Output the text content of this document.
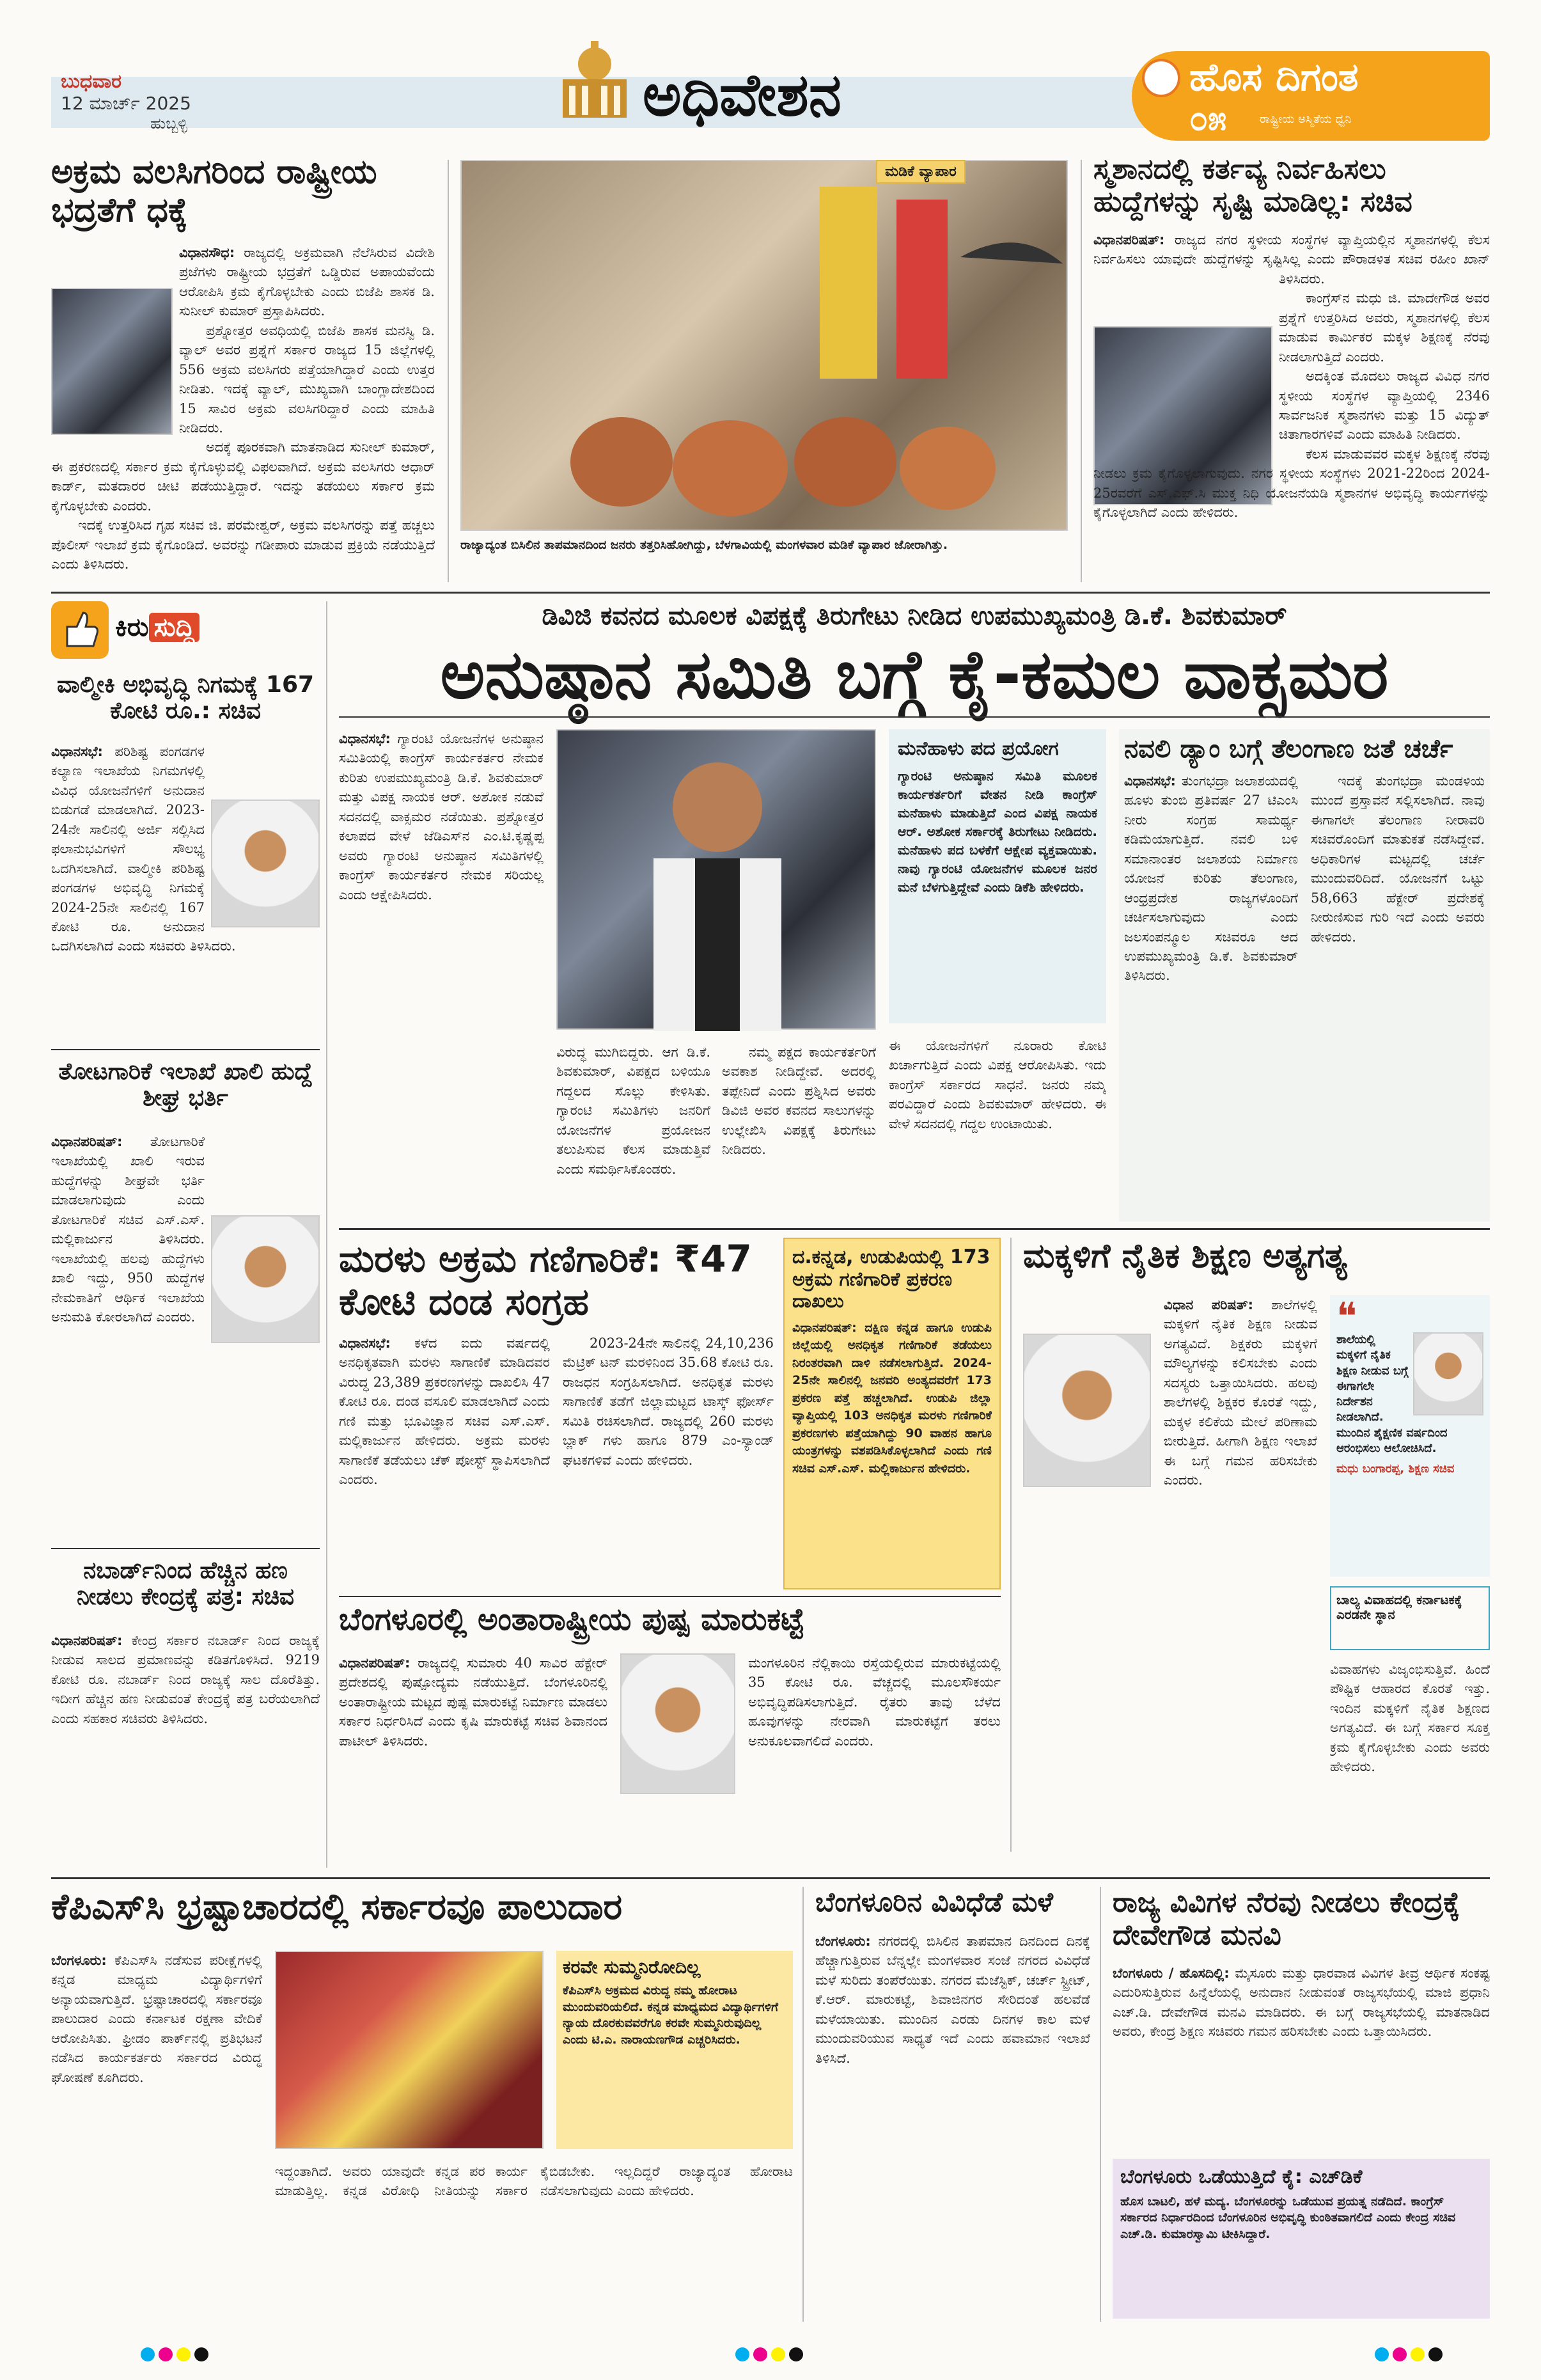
ಬುಧವಾರ
12 ಮಾರ್ಚ್ 2025
ಹುಬ್ಬಳ್ಳಿ	ಅಧಿವೇಶನ	ಹೊಸ ದಿಗಂತ
೦೫	ರಾಷ್ಟ್ರೀಯ ಅಸ್ಮಿತೆಯ ಧ್ವನಿ
ಅಕ್ರಮ ವಲಸಿಗರಿಂದ ರಾಷ್ಟ್ರೀಯ ಭದ್ರತೆಗೆ ಧಕ್ಕೆ
ವಿಧಾನಸೌಧ: ರಾಜ್ಯದಲ್ಲಿ ಅಕ್ರಮವಾಗಿ ನೆಲೆಸಿರುವ ವಿದೇಶಿ ಪ್ರಜೆಗಳು ರಾಷ್ಟ್ರೀಯ ಭದ್ರತೆಗೆ ಒಡ್ಡಿರುವ ಅಪಾಯವೆಂದು ಆರೋಪಿಸಿ ಕ್ರಮ ಕೈಗೊಳ್ಳಬೇಕು ಎಂದು ಬಿಜೆಪಿ ಶಾಸಕ ಡಿ. ಸುನೀಲ್ ಕುಮಾರ್ ಪ್ರಸ್ತಾಪಿಸಿದರು.

ಪ್ರಶ್ನೋತ್ತರ ಅವಧಿಯಲ್ಲಿ ಬಿಜೆಪಿ ಶಾಸಕ ಮನಸ್ವಿ ಡಿ. ವ್ಯಾಲ್ ಅವರ ಪ್ರಶ್ನೆಗೆ ಸರ್ಕಾರ ರಾಜ್ಯದ 15 ಜಿಲ್ಲೆಗಳಲ್ಲಿ 556 ಅಕ್ರಮ ವಲಸಿಗರು ಪತ್ತೆಯಾಗಿದ್ದಾರೆ ಎಂದು ಉತ್ತರ ನೀಡಿತು. ಇದಕ್ಕೆ ವ್ಯಾಲ್, ಮುಖ್ಯವಾಗಿ ಬಾಂಗ್ಲಾದೇಶದಿಂದ 15 ಸಾವಿರ ಅಕ್ರಮ ವಲಸಿಗರಿದ್ದಾರೆ ಎಂದು ಮಾಹಿತಿ ನೀಡಿದರು.

ಅದಕ್ಕೆ ಪೂರಕವಾಗಿ ಮಾತನಾಡಿದ ಸುನೀಲ್ ಕುಮಾರ್, ಈ ಪ್ರಕರಣದಲ್ಲಿ ಸರ್ಕಾರ ಕ್ರಮ ಕೈಗೊಳ್ಳುವಲ್ಲಿ ವಿಫಲವಾಗಿದೆ. ಅಕ್ರಮ ವಲಸಿಗರು ಆಧಾರ್ ಕಾರ್ಡ್, ಮತದಾರರ ಚೀಟಿ ಪಡೆಯುತ್ತಿದ್ದಾರೆ. ಇದನ್ನು ತಡೆಯಲು ಸರ್ಕಾರ ಕ್ರಮ ಕೈಗೊಳ್ಳಬೇಕು ಎಂದರು.

ಇದಕ್ಕೆ ಉತ್ತರಿಸಿದ ಗೃಹ ಸಚಿವ ಜಿ. ಪರಮೇಶ್ವರ್, ಅಕ್ರಮ ವಲಸಿಗರನ್ನು ಪತ್ತೆ ಹಚ್ಚಲು ಪೊಲೀಸ್ ಇಲಾಖೆ ಕ್ರಮ ಕೈಗೊಂಡಿದೆ. ಅವರನ್ನು ಗಡೀಪಾರು ಮಾಡುವ ಪ್ರಕ್ರಿಯೆ ನಡೆಯುತ್ತಿದೆ ಎಂದು ತಿಳಿಸಿದರು.

ಮಡಿಕೆ ವ್ಯಾಪಾರ
ರಾಜ್ಯಾದ್ಯಂತ ಬಿಸಿಲಿನ ತಾಪಮಾನದಿಂದ ಜನರು ತತ್ತರಿಸಿಹೋಗಿದ್ದು, ಬೆಳಗಾವಿಯಲ್ಲಿ ಮಂಗಳವಾರ ಮಡಿಕೆ ವ್ಯಾಪಾರ ಜೋರಾಗಿತ್ತು.
ಸ್ಮಶಾನದಲ್ಲಿ ಕರ್ತವ್ಯ ನಿರ್ವಹಿಸಲು ಹುದ್ದೆಗಳನ್ನು ಸೃಷ್ಟಿ ಮಾಡಿಲ್ಲ: ಸಚಿವ
ವಿಧಾನಪರಿಷತ್: ರಾಜ್ಯದ ನಗರ ಸ್ಥಳೀಯ ಸಂಸ್ಥೆಗಳ ವ್ಯಾಪ್ತಿಯಲ್ಲಿನ ಸ್ಮಶಾನಗಳಲ್ಲಿ ಕೆಲಸ ನಿರ್ವಹಿಸಲು ಯಾವುದೇ ಹುದ್ದೆಗಳನ್ನು ಸೃಷ್ಟಿಸಿಲ್ಲ ಎಂದು ಪೌರಾಡಳಿತ ಸಚಿವ ರಹೀಂ ಖಾನ್ ತಿಳಿಸಿದರು.

ಕಾಂಗ್ರೆಸ್‌ನ ಮಧು ಜಿ. ಮಾದೇಗೌಡ ಅವರ ಪ್ರಶ್ನೆಗೆ ಉತ್ತರಿಸಿದ ಅವರು, ಸ್ಮಶಾನಗಳಲ್ಲಿ ಕೆಲಸ ಮಾಡುವ ಕಾರ್ಮಿಕರ ಮಕ್ಕಳ ಶಿಕ್ಷಣಕ್ಕೆ ನೆರವು ನೀಡಲಾಗುತ್ತಿದೆ ಎಂದರು.

ಅದಕ್ಕಿಂತ ಮೊದಲು ರಾಜ್ಯದ ವಿವಿಧ ನಗರ ಸ್ಥಳೀಯ ಸಂಸ್ಥೆಗಳ ವ್ಯಾಪ್ತಿಯಲ್ಲಿ 2346 ಸಾರ್ವಜನಿಕ ಸ್ಮಶಾನಗಳು ಮತ್ತು 15 ವಿದ್ಯುತ್ ಚಿತಾಗಾರಗಳಿವೆ ಎಂದು ಮಾಹಿತಿ ನೀಡಿದರು.

ಕೆಲಸ ಮಾಡುವವರ ಮಕ್ಕಳ ಶಿಕ್ಷಣಕ್ಕೆ ನೆರವು ನೀಡಲು ಕ್ರಮ ಕೈಗೊಳ್ಳಲಾಗುವುದು. ನಗರ ಸ್ಥಳೀಯ ಸಂಸ್ಥೆಗಳು 2021-22ರಿಂದ 2024-25ರವರೆಗೆ ಎಸ್.ಎಫ್.ಸಿ ಮುಕ್ತ ನಿಧಿ ಯೋಜನೆಯಡಿ ಸ್ಮಶಾನಗಳ ಅಭಿವೃದ್ಧಿ ಕಾರ್ಯಗಳನ್ನು ಕೈಗೊಳ್ಳಲಾಗಿದೆ ಎಂದು ಹೇಳಿದರು.

ಕಿರು ಸುದ್ದಿ
ವಾಲ್ಮೀಕಿ ಅಭಿವೃದ್ಧಿ ನಿಗಮಕ್ಕೆ 167 ಕೋಟಿ ರೂ.: ಸಚಿವ
ವಿಧಾನಸಭೆ: ಪರಿಶಿಷ್ಟ ಪಂಗಡಗಳ ಕಲ್ಯಾಣ ಇಲಾಖೆಯ ನಿಗಮಗಳಲ್ಲಿ ವಿವಿಧ ಯೋಜನೆಗಳಿಗೆ ಅನುದಾನ ಬಿಡುಗಡೆ ಮಾಡಲಾಗಿದೆ. 2023-24ನೇ ಸಾಲಿನಲ್ಲಿ ಅರ್ಜಿ ಸಲ್ಲಿಸಿದ ಫಲಾನುಭವಿಗಳಿಗೆ ಸೌಲಭ್ಯ ಒದಗಿಸಲಾಗಿದೆ. ವಾಲ್ಮೀಕಿ ಪರಿಶಿಷ್ಟ ಪಂಗಡಗಳ ಅಭಿವೃದ್ಧಿ ನಿಗಮಕ್ಕೆ 2024-25ನೇ ಸಾಲಿನಲ್ಲಿ 167 ಕೋಟಿ ರೂ. ಅನುದಾನ ಒದಗಿಸಲಾಗಿದೆ ಎಂದು ಸಚಿವರು ತಿಳಿಸಿದರು.
ತೋಟಗಾರಿಕೆ ಇಲಾಖೆ ಖಾಲಿ ಹುದ್ದೆ ಶೀಘ್ರ ಭರ್ತಿ
ವಿಧಾನಪರಿಷತ್: ತೋಟಗಾರಿಕೆ ಇಲಾಖೆಯಲ್ಲಿ ಖಾಲಿ ಇರುವ ಹುದ್ದೆಗಳನ್ನು ಶೀಘ್ರವೇ ಭರ್ತಿ ಮಾಡಲಾಗುವುದು ಎಂದು ತೋಟಗಾರಿಕೆ ಸಚಿವ ಎಸ್.ಎಸ್. ಮಲ್ಲಿಕಾರ್ಜುನ ತಿಳಿಸಿದರು. ಇಲಾಖೆಯಲ್ಲಿ ಹಲವು ಹುದ್ದೆಗಳು ಖಾಲಿ ಇದ್ದು, 950 ಹುದ್ದೆಗಳ ನೇಮಕಾತಿಗೆ ಆರ್ಥಿಕ ಇಲಾಖೆಯ ಅನುಮತಿ ಕೋರಲಾಗಿದೆ ಎಂದರು.
ನಬಾರ್ಡ್‌ನಿಂದ ಹೆಚ್ಚಿನ ಹಣ ನೀಡಲು ಕೇಂದ್ರಕ್ಕೆ ಪತ್ರ: ಸಚಿವ
ವಿಧಾನಪರಿಷತ್: ಕೇಂದ್ರ ಸರ್ಕಾರ ನಬಾರ್ಡ್ ನಿಂದ ರಾಜ್ಯಕ್ಕೆ ನೀಡುವ ಸಾಲದ ಪ್ರಮಾಣವನ್ನು ಕಡಿತಗೊಳಿಸಿದೆ. 9219 ಕೋಟಿ ರೂ. ನಬಾರ್ಡ್ ನಿಂದ ರಾಜ್ಯಕ್ಕೆ ಸಾಲ ದೊರೆತಿತ್ತು. ಇದೀಗ ಹೆಚ್ಚಿನ ಹಣ ನೀಡುವಂತೆ ಕೇಂದ್ರಕ್ಕೆ ಪತ್ರ ಬರೆಯಲಾಗಿದೆ ಎಂದು ಸಹಕಾರ ಸಚಿವರು ತಿಳಿಸಿದರು.
ಡಿವಿಜಿ ಕವನದ ಮೂಲಕ ವಿಪಕ್ಷಕ್ಕೆ ತಿರುಗೇಟು ನೀಡಿದ ಉಪಮುಖ್ಯಮಂತ್ರಿ ಡಿ.ಕೆ. ಶಿವಕುಮಾರ್
ಅನುಷ್ಠಾನ ಸಮಿತಿ ಬಗ್ಗೆ ಕೈ-ಕಮಲ ವಾಕ್ಸಮರ
ವಿಧಾನಸಭೆ: ಗ್ಯಾರಂಟಿ ಯೋಜನೆಗಳ ಅನುಷ್ಠಾನ ಸಮಿತಿಯಲ್ಲಿ ಕಾಂಗ್ರೆಸ್ ಕಾರ್ಯಕರ್ತರ ನೇಮಕ ಕುರಿತು ಉಪಮುಖ್ಯಮಂತ್ರಿ ಡಿ.ಕೆ. ಶಿವಕುಮಾರ್ ಮತ್ತು ವಿಪಕ್ಷ ನಾಯಕ ಆರ್. ಅಶೋಕ ನಡುವೆ ಸದನದಲ್ಲಿ ವಾಕ್ಸಮರ ನಡೆಯಿತು. ಪ್ರಶ್ನೋತ್ತರ ಕಲಾಪದ ವೇಳೆ ಜೆಡಿಎಸ್‌ನ ಎಂ.ಟಿ.ಕೃಷ್ಣಪ್ಪ ಅವರು ಗ್ಯಾರಂಟಿ ಅನುಷ್ಠಾನ ಸಮಿತಿಗಳಲ್ಲಿ ಕಾಂಗ್ರೆಸ್ ಕಾರ್ಯಕರ್ತರ ನೇಮಕ ಸರಿಯಲ್ಲ ಎಂದು ಆಕ್ಷೇಪಿಸಿದರು.
ವಿರುದ್ಧ ಮುಗಿಬಿದ್ದರು. ಆಗ ಡಿ.ಕೆ. ಶಿವಕುಮಾರ್, ವಿಪಕ್ಷದ ಬಳಿಯೂ ಗದ್ದಲದ ಸೊಲ್ಲು ಕೇಳಿಸಿತು. ಗ್ಯಾರಂಟಿ ಸಮಿತಿಗಳು ಜನರಿಗೆ ಯೋಜನೆಗಳ ಪ್ರಯೋಜನ ತಲುಪಿಸುವ ಕೆಲಸ ಮಾಡುತ್ತಿವೆ ಎಂದು ಸಮರ್ಥಿಸಿಕೊಂಡರು.

ನಮ್ಮ ಪಕ್ಷದ ಕಾರ್ಯಕರ್ತರಿಗೆ ಅವಕಾಶ ನೀಡಿದ್ದೇವೆ. ಅದರಲ್ಲಿ ತಪ್ಪೇನಿದೆ ಎಂದು ಪ್ರಶ್ನಿಸಿದ ಅವರು ಡಿವಿಜಿ ಅವರ ಕವನದ ಸಾಲುಗಳನ್ನು ಉಲ್ಲೇಖಿಸಿ ವಿಪಕ್ಷಕ್ಕೆ ತಿರುಗೇಟು ನೀಡಿದರು.

ಮನೆಹಾಳು ಪದ ಪ್ರಯೋಗ
ಗ್ಯಾರಂಟಿ ಅನುಷ್ಠಾನ ಸಮಿತಿ ಮೂಲಕ ಕಾರ್ಯಕರ್ತರಿಗೆ ವೇತನ ನೀಡಿ ಕಾಂಗ್ರೆಸ್ ಮನೆಹಾಳು ಮಾಡುತ್ತಿದೆ ಎಂದ ವಿಪಕ್ಷ ನಾಯಕ ಆರ್. ಅಶೋಕ ಸರ್ಕಾರಕ್ಕೆ ತಿರುಗೇಟು ನೀಡಿದರು. ಮನೆಹಾಳು ಪದ ಬಳಕೆಗೆ ಆಕ್ಷೇಪ ವ್ಯಕ್ತವಾಯಿತು. ನಾವು ಗ್ಯಾರಂಟಿ ಯೋಜನೆಗಳ ಮೂಲಕ ಜನರ ಮನೆ ಬೆಳಗುತ್ತಿದ್ದೇವೆ ಎಂದು ಡಿಕೆಶಿ ಹೇಳಿದರು.
ಈ ಯೋಜನೆಗಳಿಗೆ ನೂರಾರು ಕೋಟಿ ಖರ್ಚಾಗುತ್ತಿದೆ ಎಂದು ವಿಪಕ್ಷ ಆರೋಪಿಸಿತು. ಇದು ಕಾಂಗ್ರೆಸ್ ಸರ್ಕಾರದ ಸಾಧನೆ. ಜನರು ನಮ್ಮ ಪರವಿದ್ದಾರೆ ಎಂದು ಶಿವಕುಮಾರ್ ಹೇಳಿದರು. ಈ ವೇಳೆ ಸದನದಲ್ಲಿ ಗದ್ದಲ ಉಂಟಾಯಿತು.
ನವಲಿ ಡ್ಯಾಂ ಬಗ್ಗೆ ತೆಲಂಗಾಣ ಜತೆ ಚರ್ಚೆ
ವಿಧಾನಸಭೆ: ತುಂಗಭದ್ರಾ ಜಲಾಶಯದಲ್ಲಿ ಹೂಳು ತುಂಬಿ ಪ್ರತಿವರ್ಷ 27 ಟಿಎಂಸಿ ನೀರು ಸಂಗ್ರಹ ಸಾಮರ್ಥ್ಯ ಕಡಿಮೆಯಾಗುತ್ತಿದೆ. ನವಲಿ ಬಳಿ ಸಮಾನಾಂತರ ಜಲಾಶಯ ನಿರ್ಮಾಣ ಯೋಜನೆ ಕುರಿತು ತೆಲಂಗಾಣ, ಆಂಧ್ರಪ್ರದೇಶ ರಾಜ್ಯಗಳೊಂದಿಗೆ ಚರ್ಚಿಸಲಾಗುವುದು ಎಂದು ಜಲಸಂಪನ್ಮೂಲ ಸಚಿವರೂ ಆದ ಉಪಮುಖ್ಯಮಂತ್ರಿ ಡಿ.ಕೆ. ಶಿವಕುಮಾರ್ ತಿಳಿಸಿದರು.

ಇದಕ್ಕೆ ತುಂಗಭದ್ರಾ ಮಂಡಳಿಯ ಮುಂದೆ ಪ್ರಸ್ತಾವನೆ ಸಲ್ಲಿಸಲಾಗಿದೆ. ನಾವು ಈಗಾಗಲೇ ತೆಲಂಗಾಣ ನೀರಾವರಿ ಸಚಿವರೊಂದಿಗೆ ಮಾತುಕತೆ ನಡೆಸಿದ್ದೇವೆ. ಅಧಿಕಾರಿಗಳ ಮಟ್ಟದಲ್ಲಿ ಚರ್ಚೆ ಮುಂದುವರಿದಿದೆ. ಯೋಜನೆಗೆ ಒಟ್ಟು 58,663 ಹೆಕ್ಟೇರ್ ಪ್ರದೇಶಕ್ಕೆ ನೀರುಣಿಸುವ ಗುರಿ ಇದೆ ಎಂದು ಅವರು ಹೇಳಿದರು.

ಮರಳು ಅಕ್ರಮ ಗಣಿಗಾರಿಕೆ: ₹47 ಕೋಟಿ ದಂಡ ಸಂಗ್ರಹ
ವಿಧಾನಸಭೆ: ಕಳೆದ ಐದು ವರ್ಷದಲ್ಲಿ ಅನಧಿಕೃತವಾಗಿ ಮರಳು ಸಾಗಾಣಿಕೆ ಮಾಡಿದವರ ವಿರುದ್ಧ 23,389 ಪ್ರಕರಣಗಳನ್ನು ದಾಖಲಿಸಿ 47 ಕೋಟಿ ರೂ. ದಂಡ ವಸೂಲಿ ಮಾಡಲಾಗಿದೆ ಎಂದು ಗಣಿ ಮತ್ತು ಭೂವಿಜ್ಞಾನ ಸಚಿವ ಎಸ್.ಎಸ್. ಮಲ್ಲಿಕಾರ್ಜುನ ಹೇಳಿದರು. ಅಕ್ರಮ ಮರಳು ಸಾಗಾಣಿಕೆ ತಡೆಯಲು ಚೆಕ್ ಪೋಸ್ಟ್ ಸ್ಥಾಪಿಸಲಾಗಿದೆ ಎಂದರು.

2023-24ನೇ ಸಾಲಿನಲ್ಲಿ 24,10,236 ಮೆಟ್ರಿಕ್ ಟನ್ ಮರಳಿನಿಂದ 35.68 ಕೋಟಿ ರೂ. ರಾಜಧನ ಸಂಗ್ರಹಿಸಲಾಗಿದೆ. ಅನಧಿಕೃತ ಮರಳು ಸಾಗಾಣಿಕೆ ತಡೆಗೆ ಜಿಲ್ಲಾಮಟ್ಟದ ಟಾಸ್ಕ್ ಫೋರ್ಸ್ ಸಮಿತಿ ರಚಿಸಲಾಗಿದೆ. ರಾಜ್ಯದಲ್ಲಿ 260 ಮರಳು ಬ್ಲಾಕ್ ಗಳು ಹಾಗೂ 879 ಎಂ-ಸ್ಯಾಂಡ್ ಘಟಕಗಳಿವೆ ಎಂದು ಹೇಳಿದರು.

ದ.ಕನ್ನಡ, ಉಡುಪಿಯಲ್ಲಿ 173 ಅಕ್ರಮ ಗಣಿಗಾರಿಕೆ ಪ್ರಕರಣ ದಾಖಲು
ವಿಧಾನಪರಿಷತ್: ದಕ್ಷಿಣ ಕನ್ನಡ ಹಾಗೂ ಉಡುಪಿ ಜಿಲ್ಲೆಯಲ್ಲಿ ಅನಧಿಕೃತ ಗಣಿಗಾರಿಕೆ ತಡೆಯಲು ನಿರಂತರವಾಗಿ ದಾಳಿ ನಡೆಸಲಾಗುತ್ತಿದೆ. 2024-25ನೇ ಸಾಲಿನಲ್ಲಿ ಜನವರಿ ಅಂತ್ಯದವರೆಗೆ 173 ಪ್ರಕರಣ ಪತ್ತೆ ಹಚ್ಚಲಾಗಿದೆ. ಉಡುಪಿ ಜಿಲ್ಲಾ ವ್ಯಾಪ್ತಿಯಲ್ಲಿ 103 ಅನಧಿಕೃತ ಮರಳು ಗಣಿಗಾರಿಕೆ ಪ್ರಕರಣಗಳು ಪತ್ತೆಯಾಗಿದ್ದು 90 ವಾಹನ ಹಾಗೂ ಯಂತ್ರಗಳನ್ನು ವಶಪಡಿಸಿಕೊಳ್ಳಲಾಗಿದೆ ಎಂದು ಗಣಿ ಸಚಿವ ಎಸ್.ಎಸ್. ಮಲ್ಲಿಕಾರ್ಜುನ ಹೇಳಿದರು.
ಮಕ್ಕಳಿಗೆ ನೈತಿಕ ಶಿಕ್ಷಣ ಅತ್ಯಗತ್ಯ
ವಿಧಾನ ಪರಿಷತ್: ಶಾಲೆಗಳಲ್ಲಿ ಮಕ್ಕಳಿಗೆ ನೈತಿಕ ಶಿಕ್ಷಣ ನೀಡುವ ಅಗತ್ಯವಿದೆ. ಶಿಕ್ಷಕರು ಮಕ್ಕಳಿಗೆ ಮೌಲ್ಯಗಳನ್ನು ಕಲಿಸಬೇಕು ಎಂದು ಸದಸ್ಯರು ಒತ್ತಾಯಿಸಿದರು. ಹಲವು ಶಾಲೆಗಳಲ್ಲಿ ಶಿಕ್ಷಕರ ಕೊರತೆ ಇದ್ದು, ಮಕ್ಕಳ ಕಲಿಕೆಯ ಮೇಲೆ ಪರಿಣಾಮ ಬೀರುತ್ತಿದೆ. ಹೀಗಾಗಿ ಶಿಕ್ಷಣ ಇಲಾಖೆ ಈ ಬಗ್ಗೆ ಗಮನ ಹರಿಸಬೇಕು ಎಂದರು.
❝
ಶಾಲೆಯಲ್ಲಿ ಮಕ್ಕಳಿಗೆ ನೈತಿಕ ಶಿಕ್ಷಣ ನೀಡುವ ಬಗ್ಗೆ ಈಗಾಗಲೇ ನಿರ್ದೇಶನ ನೀಡಲಾಗಿದೆ. ಮುಂದಿನ ಶೈಕ್ಷಣಿಕ ವರ್ಷದಿಂದ ಆರಂಭಿಸಲು ಆಲೋಚಿಸಿದೆ.
ಮಧು ಬಂಗಾರಪ್ಪ, ಶಿಕ್ಷಣ ಸಚಿವ
ಬಾಲ್ಯ ವಿವಾಹದಲ್ಲಿ ಕರ್ನಾಟಕಕ್ಕೆ ಎರಡನೇ ಸ್ಥಾನ
ವಿವಾಹಗಳು ವಿಜೃಂಭಿಸುತ್ತಿವೆ. ಹಿಂದೆ ಪೌಷ್ಟಿಕ ಆಹಾರದ ಕೊರತೆ ಇತ್ತು. ಇಂದಿನ ಮಕ್ಕಳಿಗೆ ನೈತಿಕ ಶಿಕ್ಷಣದ ಅಗತ್ಯವಿದೆ. ಈ ಬಗ್ಗೆ ಸರ್ಕಾರ ಸೂಕ್ತ ಕ್ರಮ ಕೈಗೊಳ್ಳಬೇಕು ಎಂದು ಅವರು ಹೇಳಿದರು.
ಬೆಂಗಳೂರಲ್ಲಿ ಅಂತಾರಾಷ್ಟ್ರೀಯ ಪುಷ್ಪ ಮಾರುಕಟ್ಟೆ
ವಿಧಾನಪರಿಷತ್: ರಾಜ್ಯದಲ್ಲಿ ಸುಮಾರು 40 ಸಾವಿರ ಹೆಕ್ಟೇರ್ ಪ್ರದೇಶದಲ್ಲಿ ಪುಷ್ಪೋದ್ಯಮ ನಡೆಯುತ್ತಿದೆ. ಬೆಂಗಳೂರಿನಲ್ಲಿ ಅಂತಾರಾಷ್ಟ್ರೀಯ ಮಟ್ಟದ ಪುಷ್ಪ ಮಾರುಕಟ್ಟೆ ನಿರ್ಮಾಣ ಮಾಡಲು ಸರ್ಕಾರ ನಿರ್ಧರಿಸಿದೆ ಎಂದು ಕೃಷಿ ಮಾರುಕಟ್ಟೆ ಸಚಿವ ಶಿವಾನಂದ ಪಾಟೀಲ್ ತಿಳಿಸಿದರು.
ಮಂಗಳೂರಿನ ನೆಲ್ಲಿಕಾಯಿ ರಸ್ತೆಯಲ್ಲಿರುವ ಮಾರುಕಟ್ಟೆಯಲ್ಲಿ 35 ಕೋಟಿ ರೂ. ವೆಚ್ಚದಲ್ಲಿ ಮೂಲಸೌಕರ್ಯ ಅಭಿವೃದ್ಧಿಪಡಿಸಲಾಗುತ್ತಿದೆ. ರೈತರು ತಾವು ಬೆಳೆದ ಹೂವುಗಳನ್ನು ನೇರವಾಗಿ ಮಾರುಕಟ್ಟೆಗೆ ತರಲು ಅನುಕೂಲವಾಗಲಿದೆ ಎಂದರು.
ಕೆಪಿಎಸ್‌ಸಿ ಭ್ರಷ್ಟಾಚಾರದಲ್ಲಿ ಸರ್ಕಾರವೂ ಪಾಲುದಾರ
ಬೆಂಗಳೂರು: ಕೆಪಿಎಸ್‌ಸಿ ನಡೆಸುವ ಪರೀಕ್ಷೆಗಳಲ್ಲಿ ಕನ್ನಡ ಮಾಧ್ಯಮ ವಿದ್ಯಾರ್ಥಿಗಳಿಗೆ ಅನ್ಯಾಯವಾಗುತ್ತಿದೆ. ಭ್ರಷ್ಟಾಚಾರದಲ್ಲಿ ಸರ್ಕಾರವೂ ಪಾಲುದಾರ ಎಂದು ಕರ್ನಾಟಕ ರಕ್ಷಣಾ ವೇದಿಕೆ ಆರೋಪಿಸಿತು. ಫ್ರೀಡಂ ಪಾರ್ಕ್‌ನಲ್ಲಿ ಪ್ರತಿಭಟನೆ ನಡೆಸಿದ ಕಾರ್ಯಕರ್ತರು ಸರ್ಕಾರದ ವಿರುದ್ಧ ಘೋಷಣೆ ಕೂಗಿದರು.
ಕರವೇ ಸುಮ್ಮನಿರೋದಿಲ್ಲ
ಕೆಪಿಎಸ್‌ಸಿ ಅಕ್ರಮದ ವಿರುದ್ಧ ನಮ್ಮ ಹೋರಾಟ ಮುಂದುವರಿಯಲಿದೆ. ಕನ್ನಡ ಮಾಧ್ಯಮದ ವಿದ್ಯಾರ್ಥಿಗಳಿಗೆ ನ್ಯಾಯ ದೊರಕುವವರೆಗೂ ಕರವೇ ಸುಮ್ಮನಿರುವುದಿಲ್ಲ ಎಂದು ಟಿ.ಎ. ನಾರಾಯಣಗೌಡ ಎಚ್ಚರಿಸಿದರು.
ಇದ್ದಂತಾಗಿದೆ. ಅವರು ಯಾವುದೇ ಕನ್ನಡ ಪರ ಕಾರ್ಯ ಮಾಡುತ್ತಿಲ್ಲ. ಕನ್ನಡ ವಿರೋಧಿ ನೀತಿಯನ್ನು ಸರ್ಕಾರ ಕೈಬಿಡಬೇಕು. ಇಲ್ಲದಿದ್ದರೆ ರಾಜ್ಯಾದ್ಯಂತ ಹೋರಾಟ ನಡೆಸಲಾಗುವುದು ಎಂದು ಹೇಳಿದರು.
ಬೆಂಗಳೂರಿನ ವಿವಿಧೆಡೆ ಮಳೆ
ಬೆಂಗಳೂರು: ನಗರದಲ್ಲಿ ಬಿಸಿಲಿನ ತಾಪಮಾನ ದಿನದಿಂದ ದಿನಕ್ಕೆ ಹೆಚ್ಚಾಗುತ್ತಿರುವ ಬೆನ್ನಲ್ಲೇ ಮಂಗಳವಾರ ಸಂಜೆ ನಗರದ ವಿವಿಧೆಡೆ ಮಳೆ ಸುರಿದು ತಂಪೆರೆಯಿತು. ನಗರದ ಮೆಜೆಸ್ಟಿಕ್, ಚರ್ಚ್ ಸ್ಟ್ರೀಟ್, ಕೆ.ಆರ್. ಮಾರುಕಟ್ಟೆ, ಶಿವಾಜಿನಗರ ಸೇರಿದಂತೆ ಹಲವೆಡೆ ಮಳೆಯಾಯಿತು. ಮುಂದಿನ ಎರಡು ದಿನಗಳ ಕಾಲ ಮಳೆ ಮುಂದುವರಿಯುವ ಸಾಧ್ಯತೆ ಇದೆ ಎಂದು ಹವಾಮಾನ ಇಲಾಖೆ ತಿಳಿಸಿದೆ.
ರಾಜ್ಯ ವಿವಿಗಳ ನೆರವು ನೀಡಲು ಕೇಂದ್ರಕ್ಕೆ ದೇವೇಗೌಡ ಮನವಿ
ಬೆಂಗಳೂರು / ಹೊಸದಿಲ್ಲಿ: ಮೈಸೂರು ಮತ್ತು ಧಾರವಾಡ ವಿವಿಗಳ ತೀವ್ರ ಆರ್ಥಿಕ ಸಂಕಷ್ಟ ಎದುರಿಸುತ್ತಿರುವ ಹಿನ್ನೆಲೆಯಲ್ಲಿ ಅನುದಾನ ನೀಡುವಂತೆ ರಾಜ್ಯಸಭೆಯಲ್ಲಿ ಮಾಜಿ ಪ್ರಧಾನಿ ಎಚ್.ಡಿ. ದೇವೇಗೌಡ ಮನವಿ ಮಾಡಿದರು. ಈ ಬಗ್ಗೆ ರಾಜ್ಯಸಭೆಯಲ್ಲಿ ಮಾತನಾಡಿದ ಅವರು, ಕೇಂದ್ರ ಶಿಕ್ಷಣ ಸಚಿವರು ಗಮನ ಹರಿಸಬೇಕು ಎಂದು ಒತ್ತಾಯಿಸಿದರು.
ಬೆಂಗಳೂರು ಒಡೆಯುತ್ತಿದೆ ಕೈ: ಎಚ್‌ಡಿಕೆ
ಹೊಸ ಬಾಟಲಿ, ಹಳೆ ಮದ್ಯ. ಬೆಂಗಳೂರನ್ನು ಒಡೆಯುವ ಪ್ರಯತ್ನ ನಡೆದಿದೆ. ಕಾಂಗ್ರೆಸ್ ಸರ್ಕಾರದ ನಿರ್ಧಾರದಿಂದ ಬೆಂಗಳೂರಿನ ಅಭಿವೃದ್ಧಿ ಕುಂಠಿತವಾಗಲಿದೆ ಎಂದು ಕೇಂದ್ರ ಸಚಿವ ಎಚ್.ಡಿ. ಕುಮಾರಸ್ವಾಮಿ ಟೀಕಿಸಿದ್ದಾರೆ.
